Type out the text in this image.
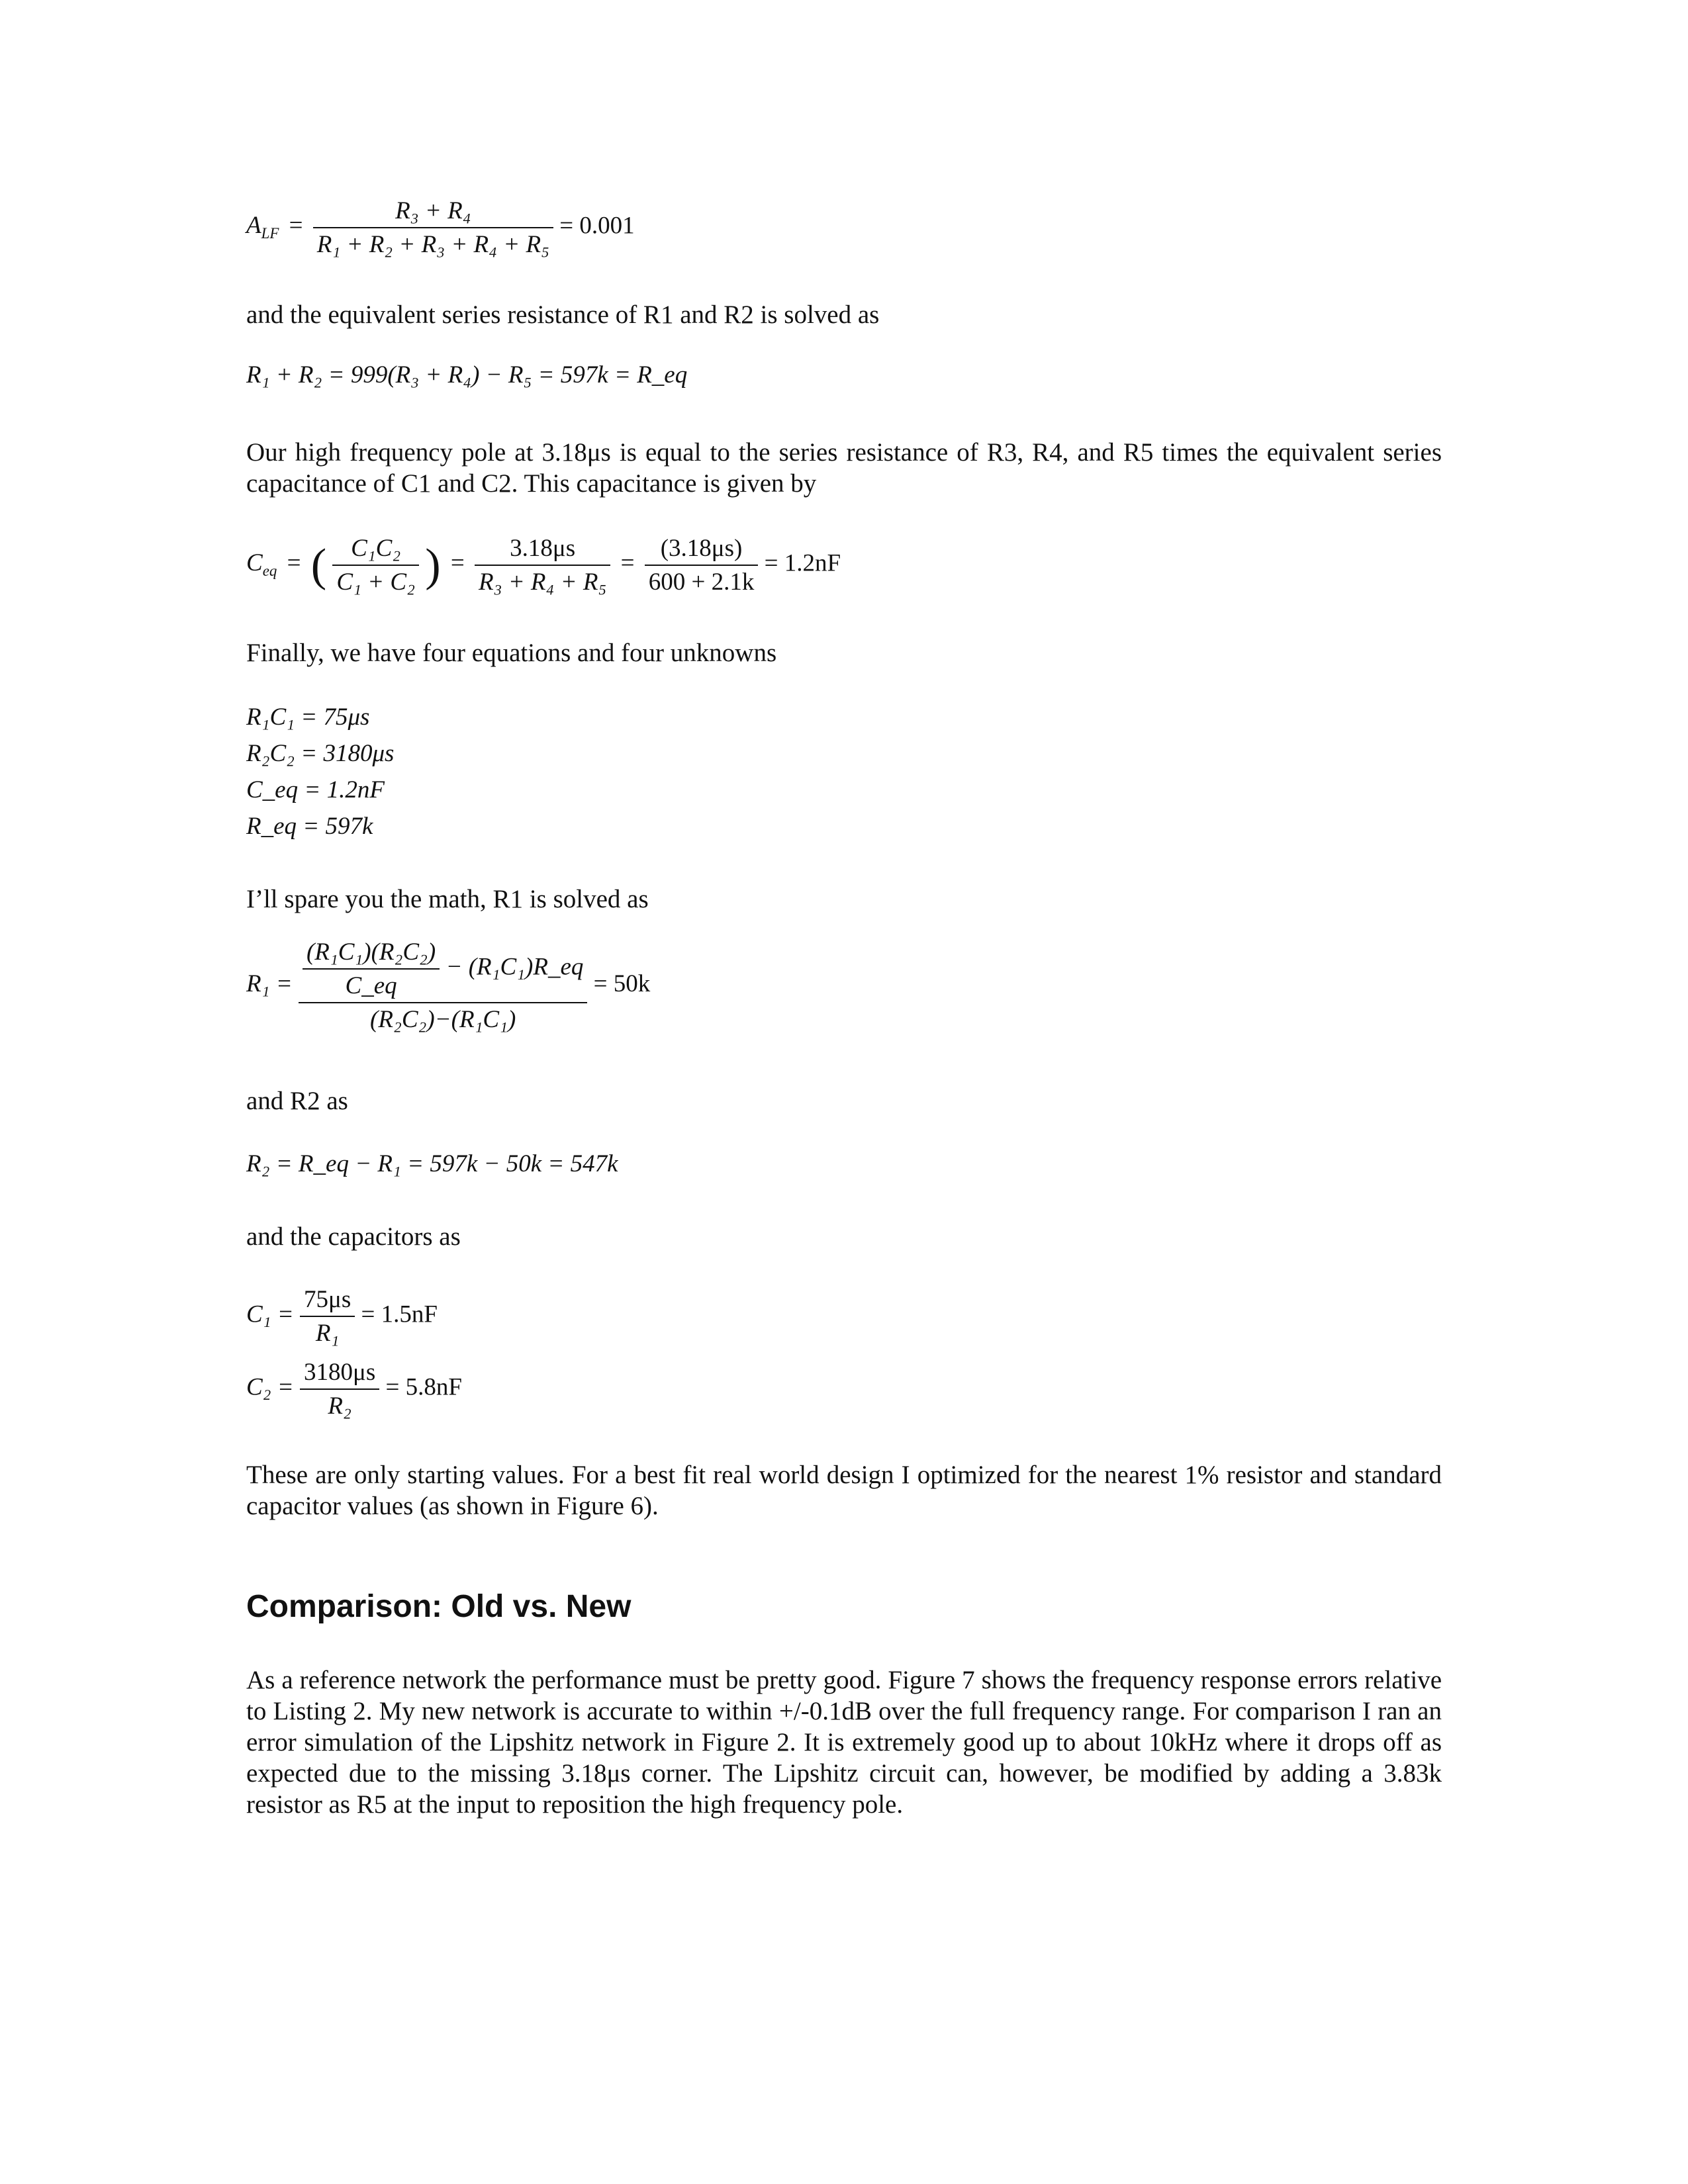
$A_{LF} = \frac{\text{R₃ + R₄}}{\text{R₁ + R₂ + R₃ + R₄ + R₅}} = 0.001$

and the equivalent series resistance of R1 and R2 is solved as

R₁ + R₂ = 999(R₃ + R₄) − R₅ = 597k = R_eq

Our high frequency pole at 3.18μs is equal to the series resistance of R3, R4, and R5 times the equivalent series capacitance of C1 and C2. This capacitance is given by

$C_{eq}$ = ( $\frac{\text{C₁C₂}}{\text{C₁ + C₂}}$ ) = $\frac{3.18\mu s}{\text{R₃ + R₄ + R₅}} = \frac{(3.18\mu s)}{600 + 2.1k} = 1.2nF$

Finally, we have four equations and four unknowns

R₁C₁ = 75μs
R₂C₂ = 3180μs
C_eq = 1.2nF
R_eq = 597k

I’ll spare you the math, R1 is solved as

$R_1 = \frac{\frac{\text{(R₁C₁)(R₂C₂)}}{C\_eq} - (R_1C_1)R\_eq}{\text{(R₂C₂)−(R₁C₁)}} = 50k$

and R2 as

R₂ = R_eq − R₁ = 597k − 50k = 547k

and the capacitors as

$C_1 = \frac{75\mu s}{\text{R₁}} = 1.5nF$
$C_2 = \frac{3180\mu s}{\text{R₂}} = 5.8nF$

These are only starting values. For a best fit real world design I optimized for the nearest 1% resistor and standard capacitor values (as shown in Figure 6).

Comparison: Old vs. New

As a reference network the performance must be pretty good. Figure 7 shows the frequency response errors relative to Listing 2. My new network is accurate to within +/-0.1dB over the full frequency range. For comparison I ran an error simulation of the Lipshitz network in Figure 2. It is extremely good up to about 10kHz where it drops off as expected due to the missing 3.18μs corner. The Lipshitz circuit can, however, be modified by adding a 3.83k resistor as R5 at the input to reposition the high frequency pole.
